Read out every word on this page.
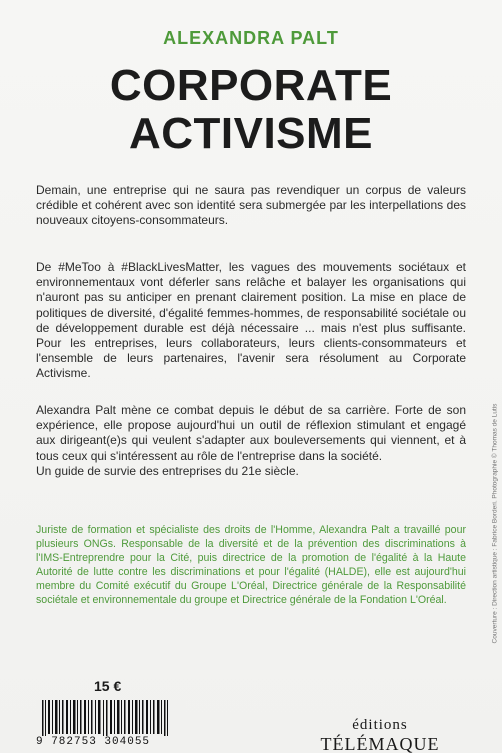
ALEXANDRA PALT
CORPORATE
ACTIVISME

Demain, une entreprise qui ne saura pas revendiquer un corpus de valeurs crédible et cohérent avec son identité sera submergée par les interpellations des nouveaux citoyens-consommateurs.

De #MeToo à #BlackLivesMatter, les vagues des mouvements sociétaux et environnementaux vont déferler sans relâche et balayer les organisations qui n'auront pas su anticiper en prenant clairement position. La mise en place de politiques de diversité, d'égalité femmes-hommes, de responsabilité sociétale ou de développement durable est déjà nécessaire ... mais n'est plus suffisante. Pour les entreprises, leurs collaborateurs, leurs clients-consommateurs et l'ensemble de leurs partenaires, l'avenir sera résolument au Corporate Activisme.

Alexandra Palt mène ce combat depuis le début de sa carrière. Forte de son expérience, elle propose aujourd'hui un outil de réflexion stimulant et engagé aux dirigeant(e)s qui veulent s'adapter aux bouleversements qui viennent, et à tous ceux qui s'intéressent au rôle de l'entreprise dans la société.

Un guide de survie des entreprises du 21e siècle.

Juriste de formation et spécialiste des droits de l'Homme, Alexandra Palt a travaillé pour plusieurs ONGs. Responsable de la diversité et de la prévention des discriminations à l'IMS-Entreprendre pour la Cité, puis directrice de la promotion de l'égalité à la Haute Autorité de lutte contre les discriminations et pour l'égalité (HALDE), elle est aujourd'hui membre du Comité exécutif du Groupe L'Oréal, Directrice générale de la Responsabilité sociétale et environnementale du groupe et Directrice générale de la Fondation L'Oréal.	Couverture : Direction artistique : Fabrice Borderi. Photographie © Thomas de Lutis
15 €
9 782753 304055
éditions
TÉLÉMAQUE
